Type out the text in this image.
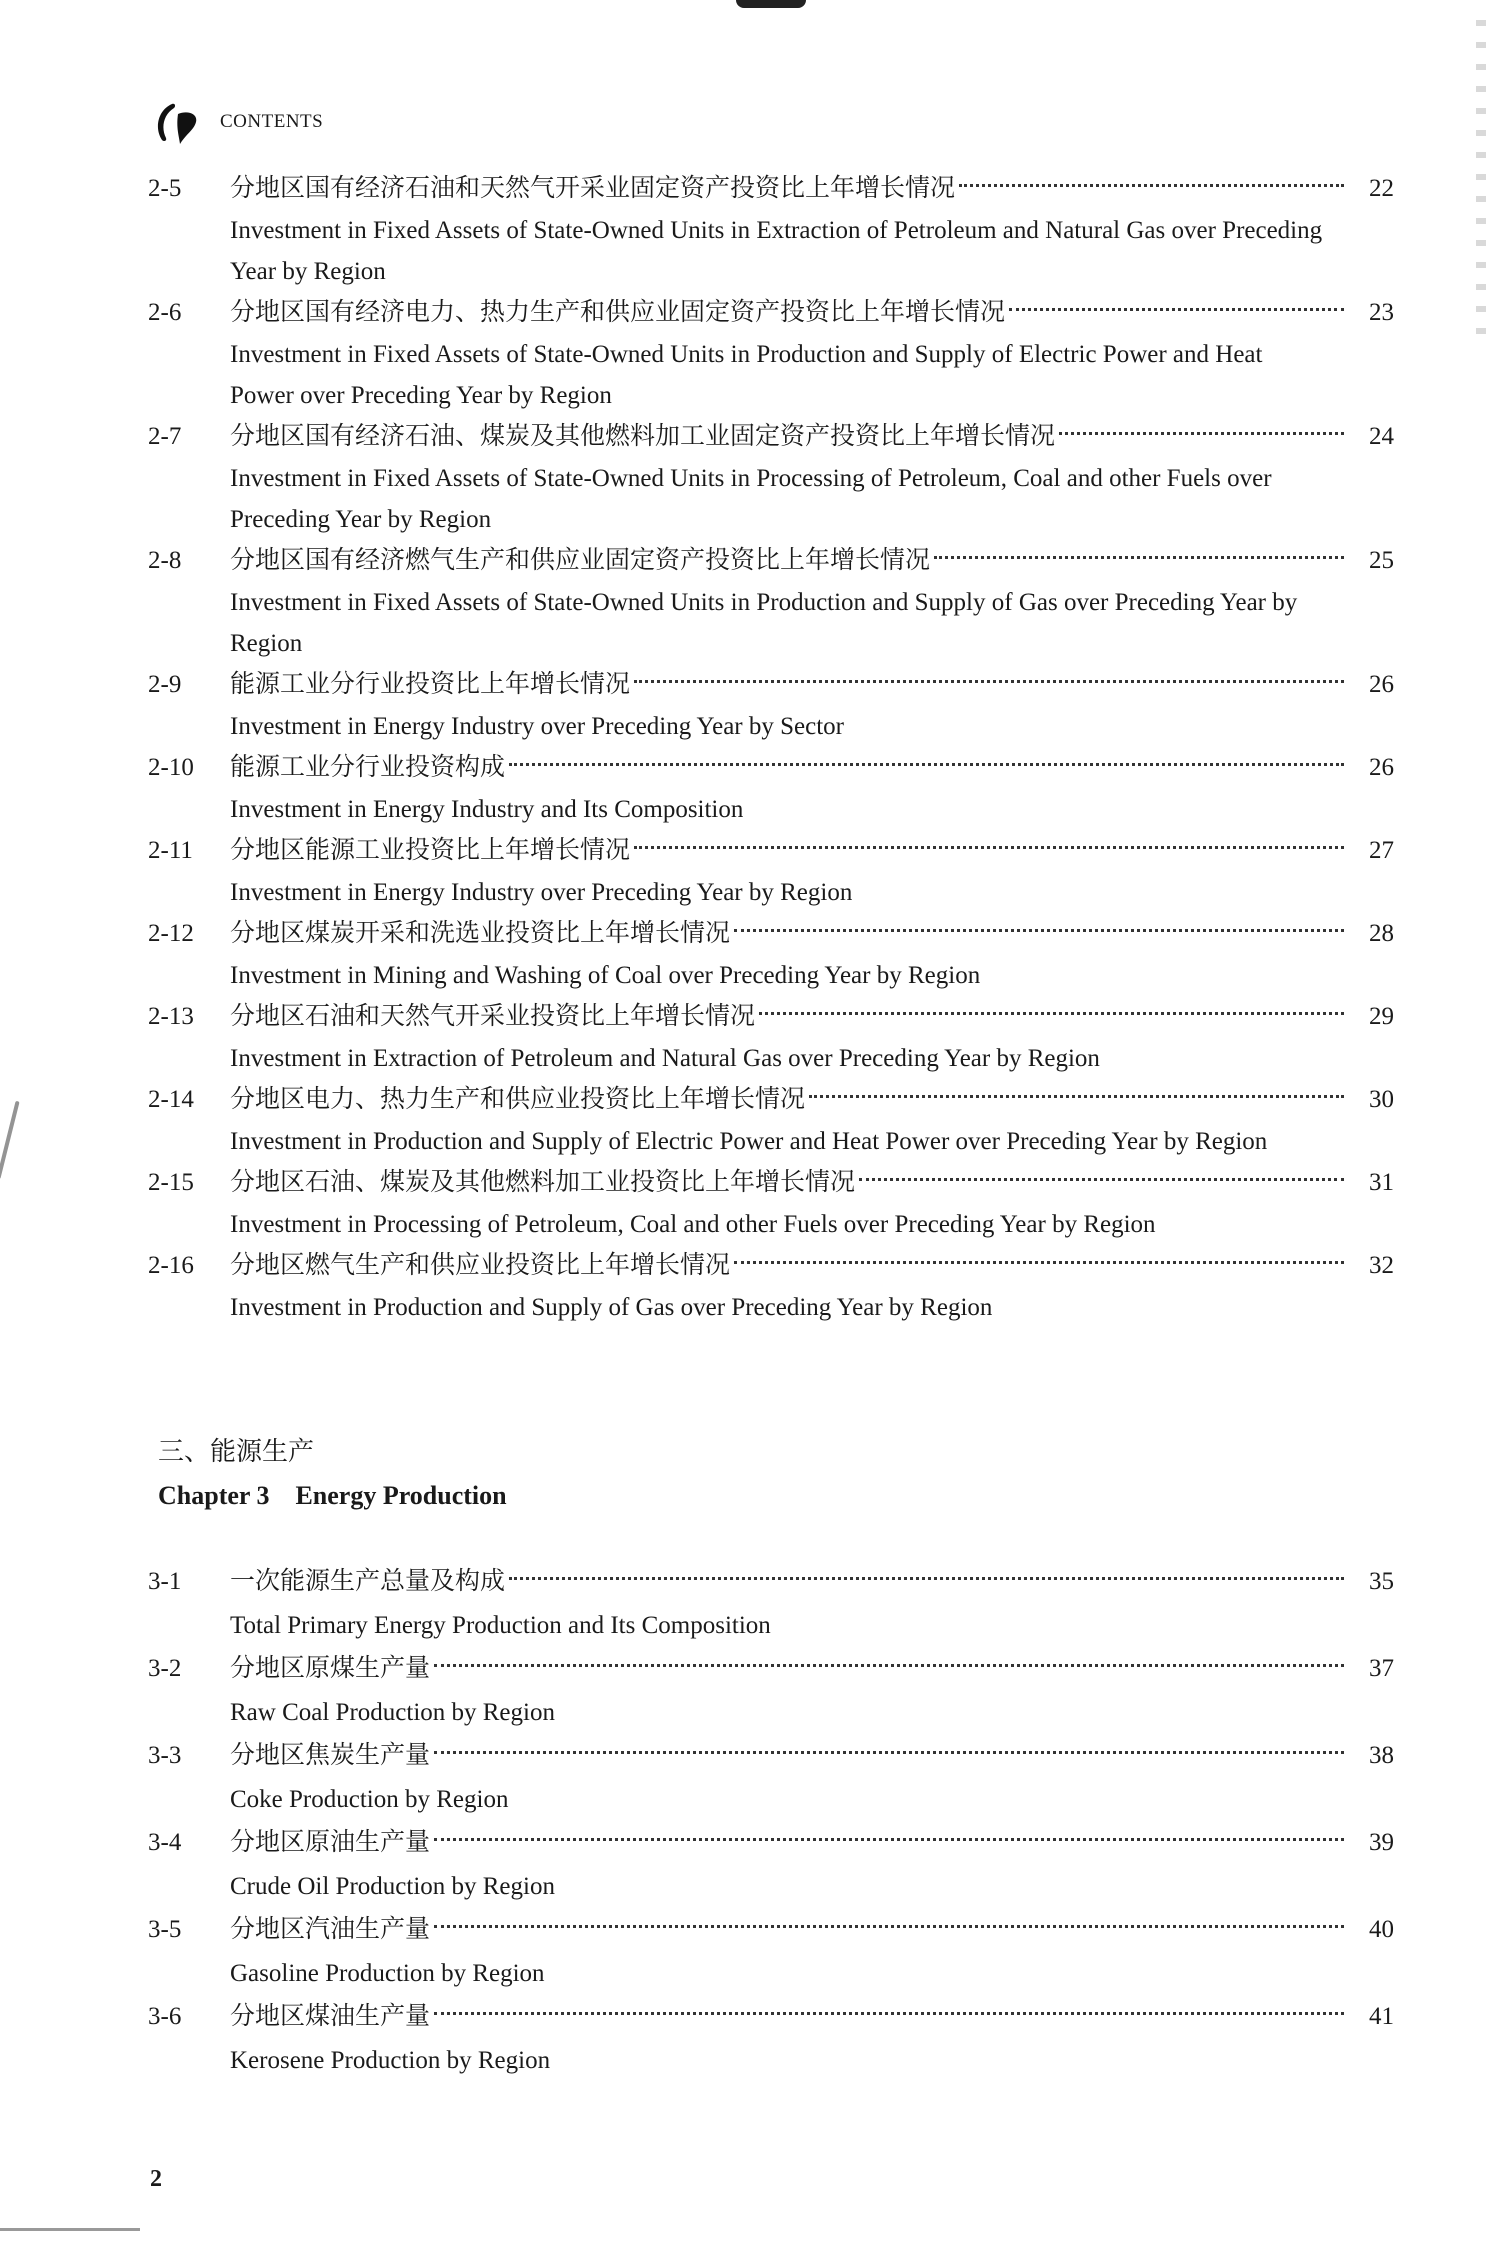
CONTENTS
2-5	分地区国有经济石油和天然气开采业固定资产投资比上年增长情况	22
Investment in Fixed Assets of State-Owned Units in Extraction of Petroleum and Natural Gas over Preceding Year by Region
2-6	分地区国有经济电力、热力生产和供应业固定资产投资比上年增长情况	23
Investment in Fixed Assets of State-Owned Units in Production and Supply of Electric Power and Heat Power over Preceding Year by Region
2-7	分地区国有经济石油、煤炭及其他燃料加工业固定资产投资比上年增长情况	24
Investment in Fixed Assets of State-Owned Units in Processing of Petroleum, Coal and other Fuels over Preceding Year by Region
2-8	分地区国有经济燃气生产和供应业固定资产投资比上年增长情况	25
Investment in Fixed Assets of State-Owned Units in Production and Supply of Gas over Preceding Year by Region
2-9	能源工业分行业投资比上年增长情况	26
Investment in Energy Industry over Preceding Year by Sector
2-10	能源工业分行业投资构成	26
Investment in Energy Industry and Its Composition
2-11	分地区能源工业投资比上年增长情况	27
Investment in Energy Industry over Preceding Year by Region
2-12	分地区煤炭开采和洗选业投资比上年增长情况	28
Investment in Mining and Washing of Coal over Preceding Year by Region
2-13	分地区石油和天然气开采业投资比上年增长情况	29
Investment in Extraction of Petroleum and Natural Gas over Preceding Year by Region
2-14	分地区电力、热力生产和供应业投资比上年增长情况	30
Investment in Production and Supply of Electric Power and Heat Power over Preceding Year by Region
2-15	分地区石油、煤炭及其他燃料加工业投资比上年增长情况	31
Investment in Processing of Petroleum, Coal and other Fuels over Preceding Year by Region
2-16	分地区燃气生产和供应业投资比上年增长情况	32
Investment in Production and Supply of Gas over Preceding Year by Region
三、能源生产
Chapter 3    Energy Production
3-1	一次能源生产总量及构成	35
Total Primary Energy Production and Its Composition
3-2	分地区原煤生产量	37
Raw Coal Production by Region
3-3	分地区焦炭生产量	38
Coke Production by Region
3-4	分地区原油生产量	39
Crude Oil Production by Region
3-5	分地区汽油生产量	40
Gasoline Production by Region
3-6	分地区煤油生产量	41
Kerosene Production by Region
2
